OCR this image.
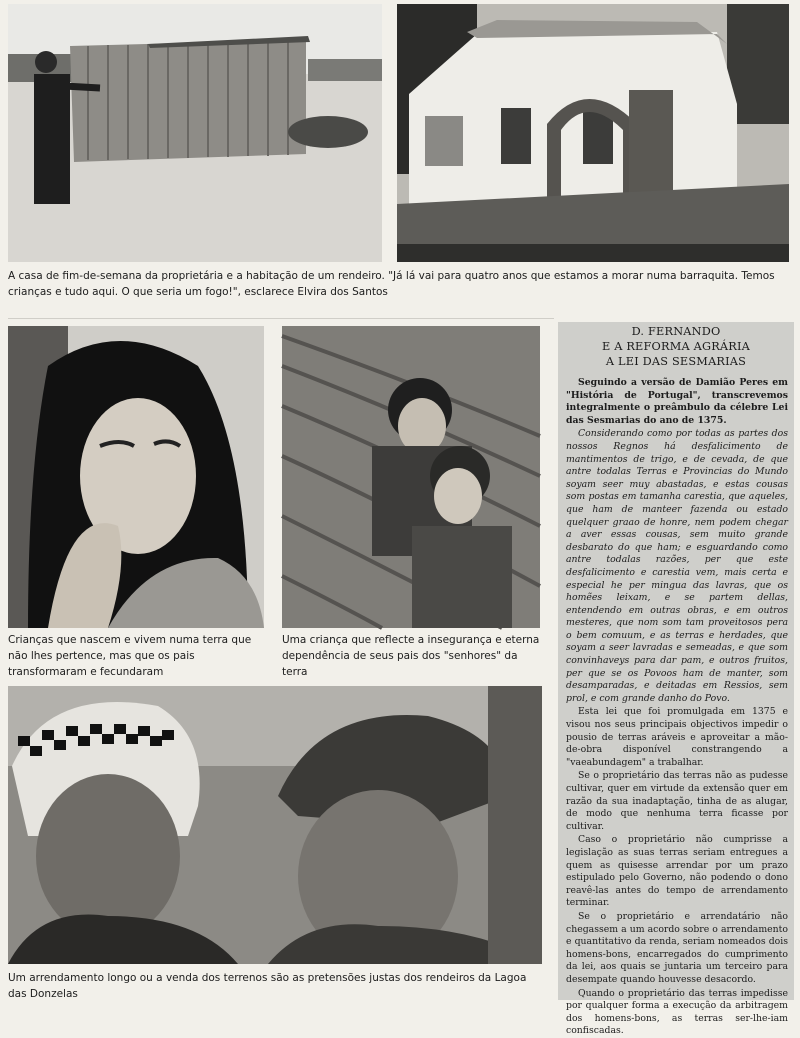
A casa de fim-de-semana da proprietária e a habitação de um rendeiro. "Já lá vai para quatro anos que estamos a morar numa barraquita. Temos crianças e tudo aqui. O que seria um fogo!", esclarece Elvira dos Santos
Crianças que nascem e vivem numa terra que não lhes pertence, mas que os pais transformaram e fecundaram
Uma criança que reflecte a insegurança e eterna dependência de seus pais dos "senhores" da terra
Um arrendamento longo ou a venda dos terrenos são as pretensões justas dos rendeiros da Lagoa das Donzelas
D. FERNANDO
E A REFORMA AGRÁRIA
A LEI DAS SESMARIAS

Seguindo a versão de Damião Peres em "História de Portugal", transcrevemos integralmente o preâmbulo da célebre Lei das Sesmarias do ano de 1375.

Considerando como por todas as partes dos nossos Regnos há desfalicimento de mantimentos de trigo, e de cevada, de que antre todalas Terras e Provincias do Mundo soyam seer muy abastadas, e estas cousas som postas em tamanha carestia, que aqueles, que ham de manteer fazenda ou estado quelquer graao de honre, nem podem chegar a aver essas cousas, sem muito grande desbarato do que ham; e esguardando como antre todalas razões, per que este desfalicimento e carestia vem, mais certa e especial he per mingua das lavras, que os homẽes leixam, e se partem dellas, entendendo em outras obras, e em outros mesteres, que nom som tam proveitosos pera o bem comuum, e as terras e herdades, que soyam a seer lavradas e semeadas, e que som convinhaveys para dar pam, e outros fruitos, per que se os Povoos ham de manter, som desamparadas, e deitadas em Ressios, sem prol, e com grande danho do Povo.

Esta lei que foi promulgada em 1375 e visou nos seus principais objectivos impedir o pousio de terras aráveis e aproveitar a mão-de-obra disponível constrangendo a "vaeabundagem" a trabalhar.

Se o proprietário das terras não as pudesse cultivar, quer em virtude da extensão quer em razão da sua inadaptação, tinha de as alugar, de modo que nenhuma terra ficasse por cultivar.

Caso o proprietário não cumprisse a legislação as suas terras seriam entregues a quem as quisesse arrendar por um prazo estipulado pelo Governo, não podendo o dono reavê-las antes do tempo de arrendamento terminar.

Se o proprietário e arrendatário não chegassem a um acordo sobre o arrendamento e quantitativo da renda, seriam nomeados dois homens-bons, encarregados do cumprimento da lei, aos quais se juntaria um terceiro para desempate quando houvesse desacordo.

Quando o proprietário das terras impedisse por qualquer forma a execução da arbitragem dos homens-bons, as terras ser-lhe-iam confiscadas.
